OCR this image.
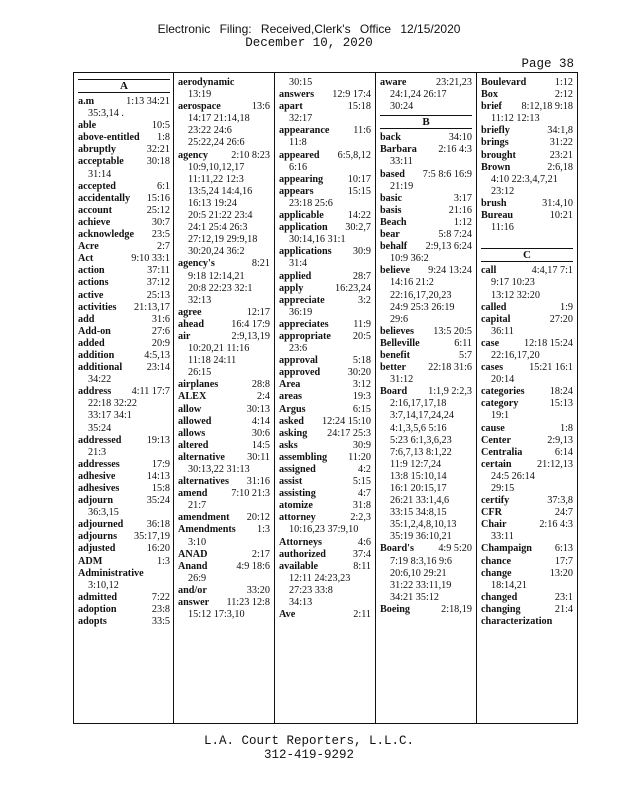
Electronic Filing: Received,Clerk's Office 12/15/2020
December 10, 2020
Page 38
A
a.m	1:13 34:21
35:3,14 .
able	10:5
above-entitled 1:8
abruptly	32:21
acceptable 30:18
31:14
accepted	6:1
accidentally 15:16
account	25:12
achieve	30:7
acknowledge 23:5
Acre	2:7
Act	9:10 33:1
action	37:11
actions	37:12
active	25:13
activities 21:13,17
add	31:6
Add-on	27:6
added	20:9
addition	4:5,13
additional 23:14
34:22
address 4:11 17:7
22:18 32:22
33:17 34:1
35:24
addressed 19:13
21:3
addresses	17:9
adhesive	14:13
adhesives	15:8
adjourn	35:24
36:3,15
adjourned 36:18
adjourns 35:17,19
adjusted	16:20
ADM	1:3
Administrative
3:10,12
admitted	7:22
adoption	23:8
adopts	33:5
aerodynamic
13:19
aerospace	13:6
14:17 21:14,18
23:22 24:6
25:22,24 26:6
agency 2:10 8:23
10:9,10,12,17
11:11,22 12:3
13:5,24 14:4,16
16:13 19:24
20:5 21:22 23:4
24:1 25:4 26:3
27:12,19 29:9,18
30:20,24 36:2
agency's	8:21
9:18 12:14,21
20:8 22:23 32:1
32:13
agree	12:17
ahead	16:4 17:9
air	2:9,13,19
10:20,21 11:16
11:18 24:11
26:15
airplanes	28:8
ALEX	2:4
allow	30:13
allowed	4:14
allows	30:6
altered	14:5
alternative 30:11
30:13,22 31:13
alternatives 31:16
amend 7:10 21:3
21:7
amendment 20:12
Amendments 1:3
3:10
ANAD	2:17
Anand	4:9 18:6
26:9
and/or	33:20
answer 11:23 12:8
15:12 17:3,10
30:15
answers 12:9 17:4
apart	15:18
32:17
appearance 11:6
11:8
appeared 6:5,8,12
6:16
appearing 10:17
appears	15:15
23:18 25:6
applicable 14:22
application 30:2,7
30:14,16 31:1
applications 30:9
31:4
applied	28:7
apply	16:23,24
appreciate	3:2
36:19
appreciates 11:9
appropriate 20:5
23:6
approval	5:18
approved	30:20
Area	3:12
areas	19:3
Argus	6:15
asked 12:24 15:10
asking 24:17 25:3
asks	30:9
assembling 11:20
assigned	4:2
assist	5:15
assisting	4:7
atomize	31:8
attorney	2:2,3
10:16,23 37:9,10
Attorneys	4:6
authorized	37:4
available	8:11
12:11 24:23,23
27:23 33:8
34:13
Ave	2:11
aware	23:21,23
24:1,24 26:17
30:24
B
back	34:10
Barbara 2:16 4:3
33:11
based 7:5 8:6 16:9
21:19
basic	3:17
basis	21:16
Beach	1:12
bear	5:8 7:24
behalf 2:9,13 6:24
10:9 36:2
believe 9:24 13:24
14:16 21:2
22:16,17,20,23
24:9 25:3 26:19
29:6
believes 13:5 20:5
Belleville	6:11
benefit	5:7
better 22:18 31:6
31:12
Board 1:1,9 2:2,3
2:16,17,17,18
3:7,14,17,24,24
4:1,3,5,6 5:16
5:23 6:1,3,6,23
7:6,7,13 8:1,22
11:9 12:7,24
13:8 15:10,14
16:1 20:15,17
26:21 33:1,4,6
33:15 34:8,15
35:1,2,4,8,10,13
35:19 36:10,21
Board's 4:9 5:20
7:19 8:3,16 9:6
20:6,10 29:21
31:22 33:11,19
34:21 35:12
Boeing	2:18,19
Boulevard	1:12
Box	2:12
brief 8:12,18 9:18
11:12 12:13
briefly	34:1,8
brings	31:22
brought	23:21
Brown	2:6,18
4:10 22:3,4,7,21
23:12
brush	31:4,10
Bureau	10:21
11:16

C
call	4:4,17 7:1
9:17 10:23
13:12 32:20
called	1:9
capital	27:20
36:11
case 12:18 15:24
22:16,17,20
cases	15:21 16:1
20:14
categories 18:24
category	15:13
19:1
cause	1:8
Center	2:9,13
Centralia	6:14
certain 21:12,13
24:5 26:14
29:15
certify	37:3,8
CFR	24:7
Chair	2:16 4:3
33:11
Champaign 6:13
chance	17:7
change	13:20
18:14,21
changed	23:1
changing	21:4
characterization
L.A. Court Reporters, L.L.C.
312-419-9292
